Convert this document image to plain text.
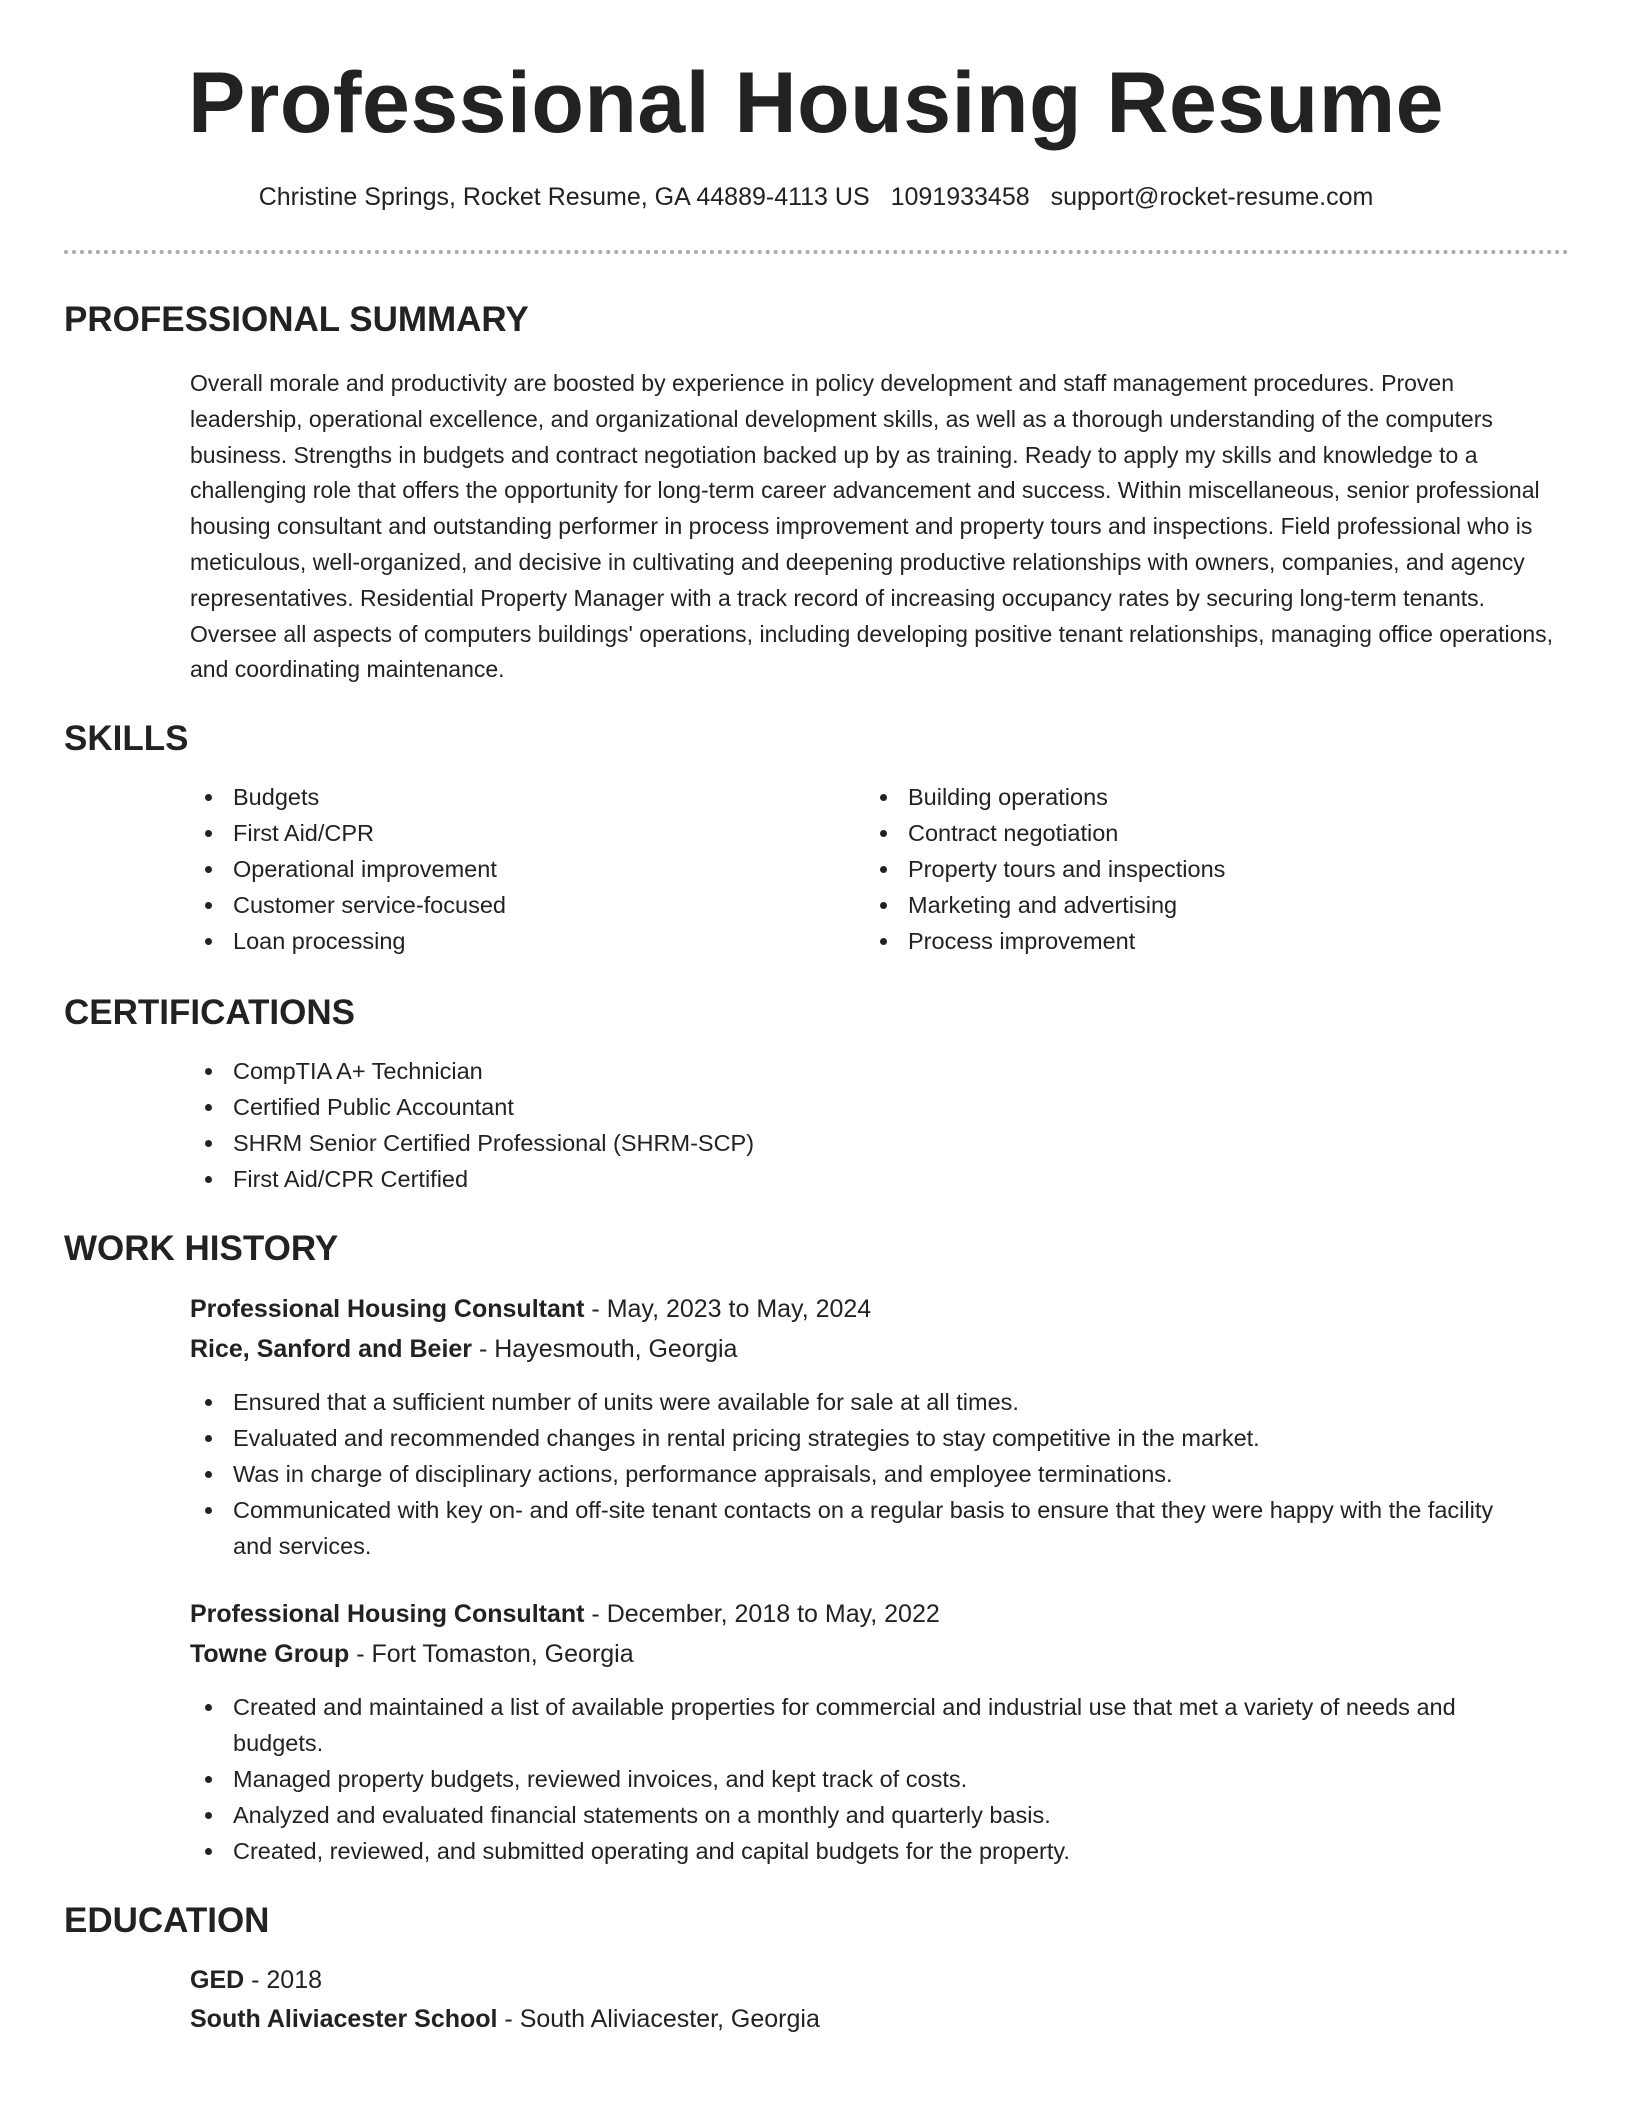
Professional Housing Resume
Christine Springs, Rocket Resume, GA 44889-4113 US 1091933458 support@rocket-resume.com
PROFESSIONAL SUMMARY

Overall morale and productivity are boosted by experience in policy development and staff management procedures. Proven leadership, operational excellence, and organizational development skills, as well as a thorough understanding of the computers business. Strengths in budgets and contract negotiation backed up by as training. Ready to apply my skills and knowledge to a challenging role that offers the opportunity for long-term career advancement and success. Within miscellaneous, senior professional housing consultant and outstanding performer in process improvement and property tours and inspections. Field professional who is meticulous, well-organized, and decisive in cultivating and deepening productive relationships with owners, companies, and agency representatives. Residential Property Manager with a track record of increasing occupancy rates by securing long-term tenants. Oversee all aspects of computers buildings' operations, including developing positive tenant relationships, managing office operations, and coordinating maintenance.

SKILLS
Budgets
First Aid/CPR
Operational improvement
Customer service-focused
Loan processing
Building operations
Contract negotiation
Property tours and inspections
Marketing and advertising
Process improvement
CERTIFICATIONS
CompTIA A+ Technician
Certified Public Accountant
SHRM Senior Certified Professional (SHRM-SCP)
First Aid/CPR Certified
WORK HISTORY
Professional Housing Consultant - May, 2023 to May, 2024
Rice, Sanford and Beier - Hayesmouth, Georgia
Ensured that a sufficient number of units were available for sale at all times.
Evaluated and recommended changes in rental pricing strategies to stay competitive in the market.
Was in charge of disciplinary actions, performance appraisals, and employee terminations.
Communicated with key on- and off-site tenant contacts on a regular basis to ensure that they were happy with the facility and services.
Professional Housing Consultant - December, 2018 to May, 2022
Towne Group - Fort Tomaston, Georgia
Created and maintained a list of available properties for commercial and industrial use that met a variety of needs and budgets.
Managed property budgets, reviewed invoices, and kept track of costs.
Analyzed and evaluated financial statements on a monthly and quarterly basis.
Created, reviewed, and submitted operating and capital budgets for the property.
EDUCATION
GED - 2018
South Aliviacester School - South Aliviacester, Georgia
